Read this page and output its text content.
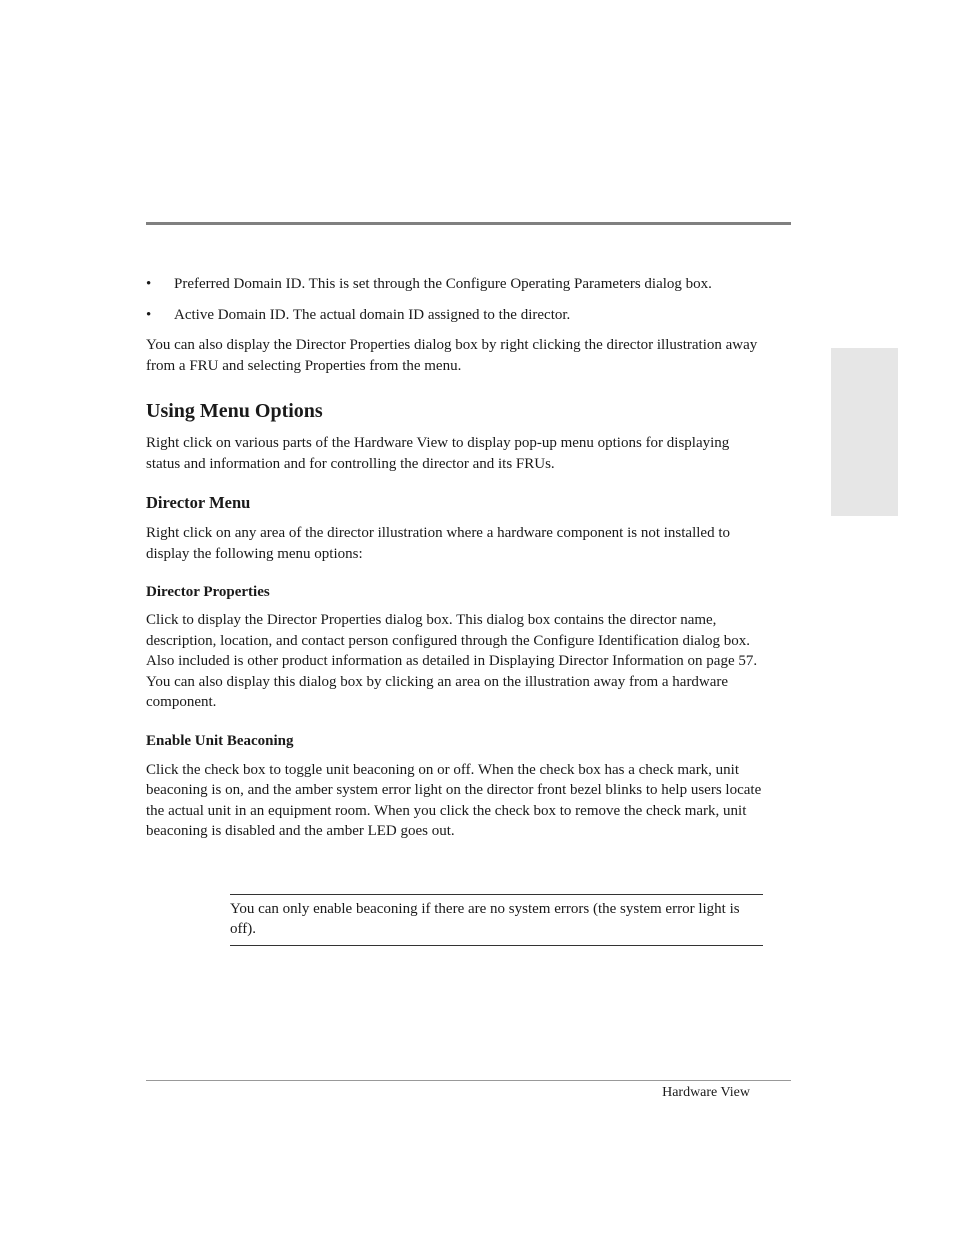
• Preferred Domain ID. This is set through the Configure Operating Parameters dialog box.
• Active Domain ID. The actual domain ID assigned to the director.

You can also display the Director Properties dialog box by right clicking the director illustration away from a FRU and selecting Properties from the menu.

Using Menu Options

Right click on various parts of the Hardware View to display pop-up menu options for displaying status and information and for controlling the director and its FRUs.

Director Menu

Right click on any area of the director illustration where a hardware component is not installed to display the following menu options:

Director Properties

Click to display the Director Properties dialog box. This dialog box contains the director name, description, location, and contact person configured through the Configure Identification dialog box. Also included is other product information as detailed in Displaying Director Information on page 57. You can also display this dialog box by clicking an area on the illustration away from a hardware component.

Enable Unit Beaconing

Click the check box to toggle unit beaconing on or off. When the check box has a check mark, unit beaconing is on, and the amber system error light on the director front bezel blinks to help users locate the actual unit in an equipment room. When you click the check box to remove the check mark, unit beaconing is disabled and the amber LED goes out.

You can only enable beaconing if there are no system errors (the system error light is off).

Hardware View
